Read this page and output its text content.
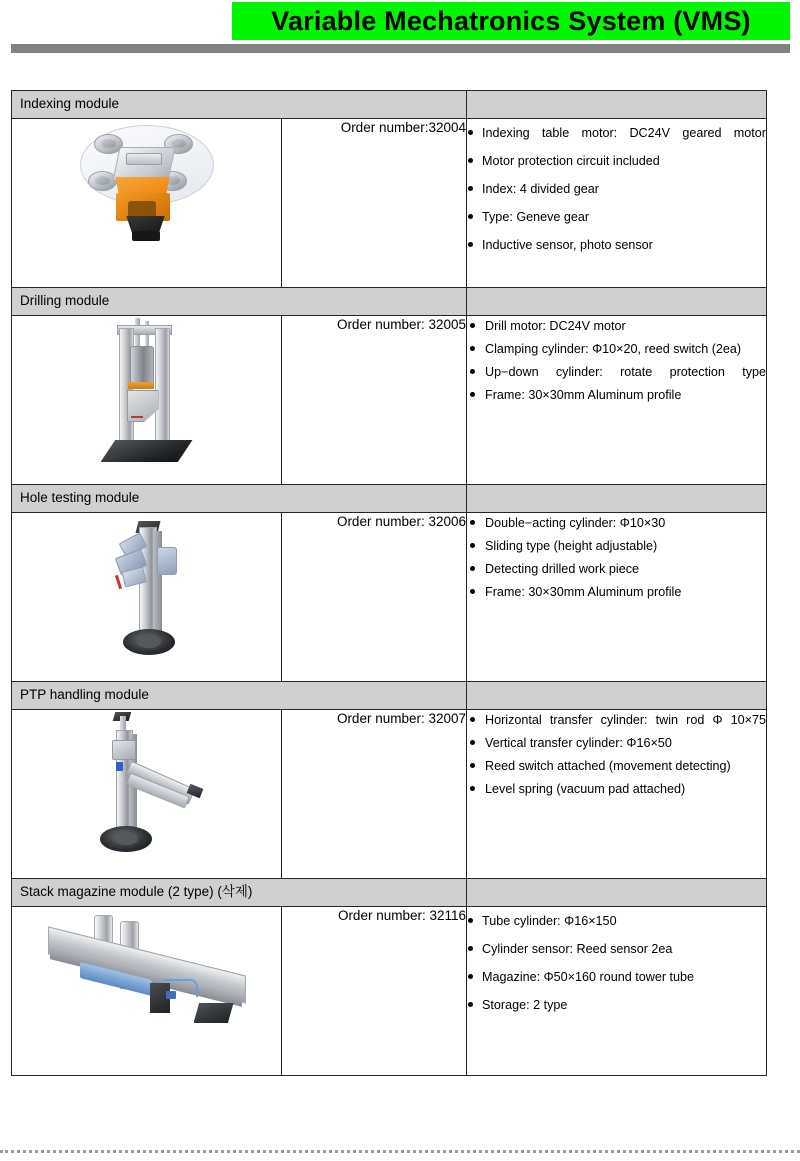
Variable Mechatronics System (VMS)
Indexing module		

	Order number:32004	Indexing table motor: DC24V geared motor
Motor protection circuit included
Index: 4 divided gear
Type: Geneve gear
Inductive sensor, photo sensor

Drilling module		

	Order number: 32005	Drill motor: DC24V motor
Clamping cylinder: Φ10×20, reed switch (2ea)
Up−down cylinder: rotate protection type
Frame: 30×30mm Aluminum profile

Hole testing module		

	Order number: 32006	Double−acting cylinder: Φ10×30
Sliding type (height adjustable)
Detecting drilled work piece
Frame: 30×30mm Aluminum profile

PTP handling module		

	Order number: 32007	Horizontal transfer cylinder: twin rod Φ 10×75
Vertical transfer cylinder: Φ16×50
Reed switch attached (movement detecting)
Level spring (vacuum pad attached)

Stack magazine module (2 type) (삭제)		

	Order number: 32116	Tube cylinder: Φ16×150
Cylinder sensor: Reed sensor 2ea
Magazine: Φ50×160 round tower tube
Storage: 2 type
